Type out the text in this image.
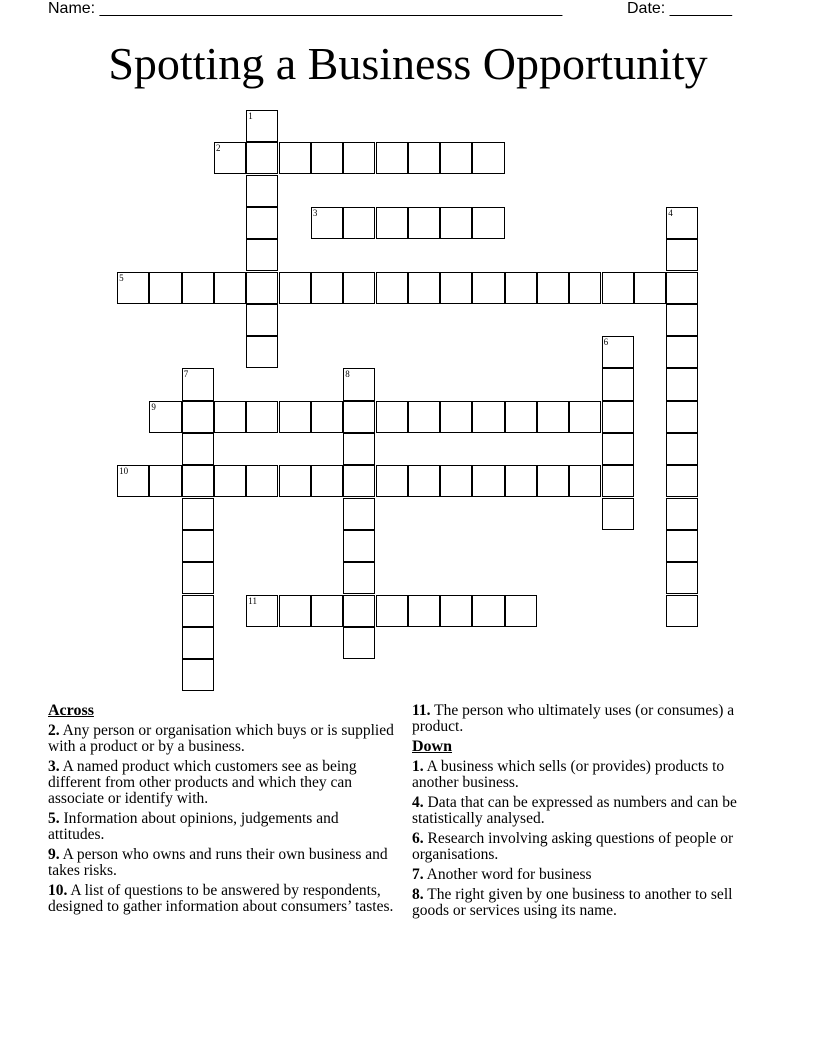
Name: ____________________________________________________	Date: _______
Spotting a Business Opportunity
1
2
3	4
5
6
7	8
9
10
11
Across
2. Any person or organisation which buys or is supplied with a product or by a business.
3. A named product which customers see as being different from other products and which they can associate or identify with.
5. Information about opinions, judgements and attitudes.
9. A person who owns and runs their own business and takes risks.
10. A list of questions to be answered by respondents, designed to gather information about consumers’ tastes.
11. The person who ultimately uses (or consumes) a product.
Down
1. A business which sells (or provides) products to another business.
4. Data that can be expressed as numbers and can be statistically analysed.
6. Research involving asking questions of people or organisations.
7. Another word for business
8. The right given by one business to another to sell goods or services using its name.
